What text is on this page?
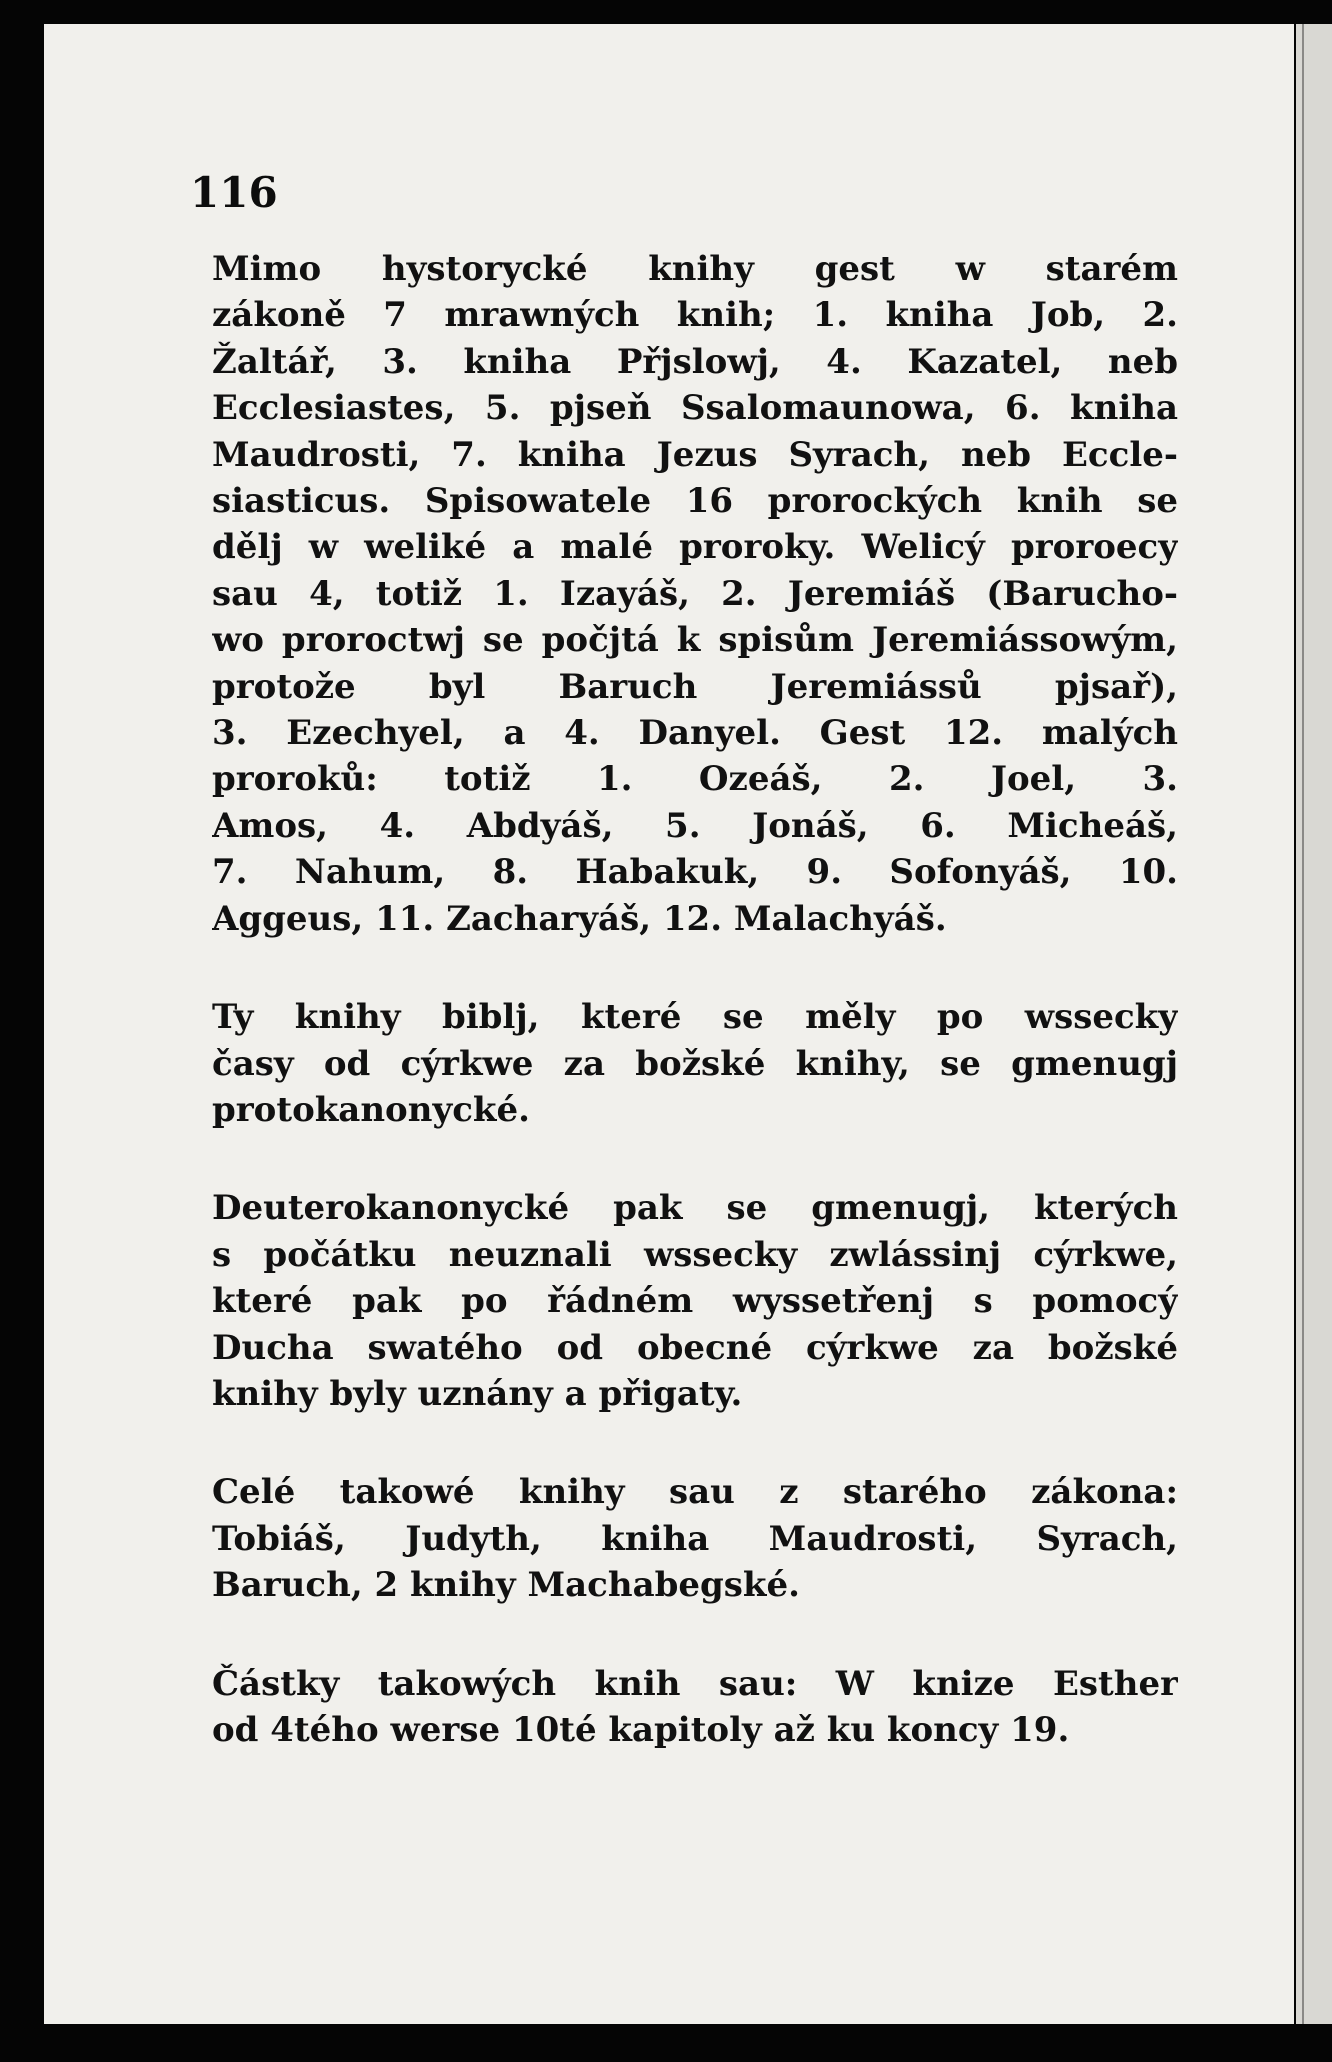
116

Mimo hystorycké knihy gest w starém
zákoně 7 mrawných knih; 1. kniha Job, 2.
Žaltář, 3. kniha Přjslowj, 4. Kazatel, neb
Ecclesiastes, 5. pjseň Ssalomaunowa, 6. kniha
Maudrosti, 7. kniha Jezus Syrach, neb Eccle-
siasticus. Spisowatele 16 prorockých knih se
dělj w weliké a malé proroky. Welicý proroecy
sau 4, totiž 1. Izayáš, 2. Jeremiáš (Barucho-
wo proroctwj se počjtá k spisům Jeremiássowým, protože byl Baruch Jeremiássů pjsař),
3. Ezechyel, a 4. Danyel. Gest 12. malých
proroků: totiž 1. Ozeáš, 2. Joel, 3.
Amos, 4. Abdyáš, 5. Jonáš, 6. Micheáš,
7. Nahum, 8. Habakuk, 9. Sofonyáš, 10.
Aggeus, 11. Zacharyáš, 12. Malachyáš.

Ty knihy biblj, které se měly po wssecky
časy od cýrkwe za božské knihy, se gmenugj
protokanonycké.

Deuterokanonycké pak se gmenugj, kterých
s počátku neuznali wssecky zwlássinj cýrkwe,
které pak po řádném wyssetřenj s pomocý
Ducha swatého od obecné cýrkwe za božské
knihy byly uznány a přigaty.

Celé takowé knihy sau z starého zákona:
Tobiáš, Judyth, kniha Maudrosti, Syrach,
Baruch, 2 knihy Machabegské.

Částky takowých knih sau: W knize Esther
od 4tého werse 10té kapitoly až ku koncy 19.
